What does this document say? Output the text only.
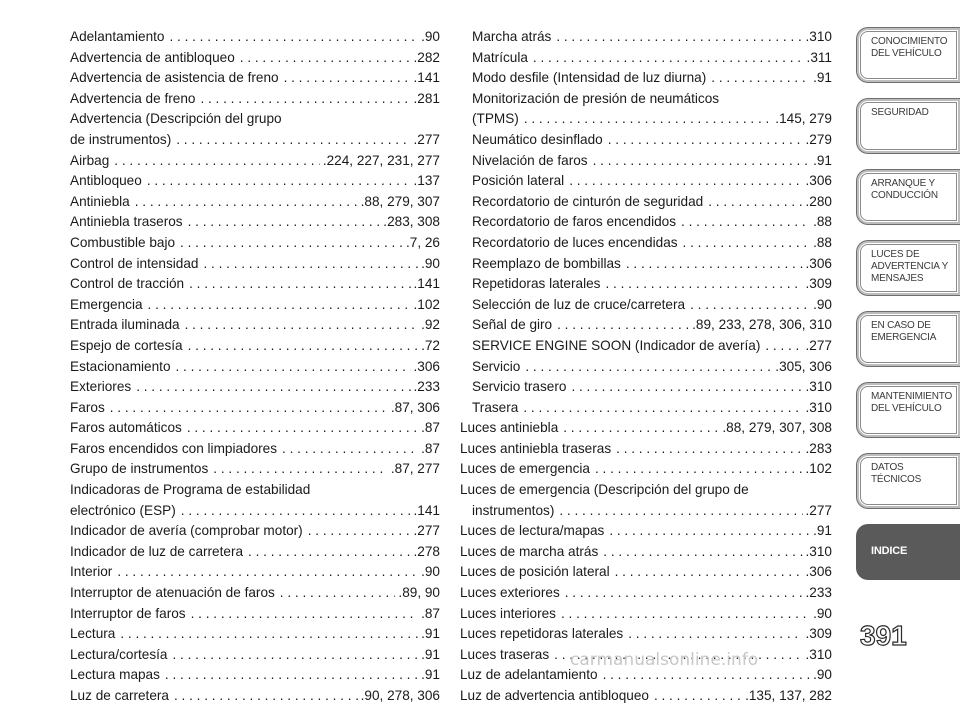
Adelantamiento . . .	.90
Advertencia de antibloqueo . . .	.282
Advertencia de asistencia de freno . . .	.141
Advertencia de freno . . .	.281
Advertencia (Descripción del grupo
de instrumentos) . . .	.277
Airbag . . .	.224, 227, 231, 277
Antibloqueo . . .	.137
Antiniebla . . .	.88, 279, 307
Antiniebla traseros . . .	.283, 308
Combustible bajo . . .	.7, 26
Control de intensidad . . .	.90
Control de tracción . . .	.141
Emergencia . . .	.102
Entrada iluminada . . .	.92
Espejo de cortesía . . .	.72
Estacionamiento . . .	.306
Exteriores . . .	.233
Faros . . .	.87, 306
Faros automáticos . . .	.87
Faros encendidos con limpiadores . . .	.87
Grupo de instrumentos . . .	.87, 277
Indicadoras de Programa de estabilidad
electrónico (ESP) . . .	.141
Indicador de avería (comprobar motor) . . .	.277
Indicador de luz de carretera . . .	.278
Interior . . .	.90
Interruptor de atenuación de faros . . .	.89, 90
Interruptor de faros . . .	.87
Lectura . . .	.91
Lectura/cortesía . . .	.91
Lectura mapas . . .	.91
Luz de carretera . . .	.90, 278, 306
Marcha atrás . . .	.310
Matrícula . . .	.311
Modo desfile (Intensidad de luz diurna) . . .	.91
Monitorización de presión de neumáticos
(TPMS) . . .	.145, 279
Neumático desinflado . . .	.279
Nivelación de faros . . .	.91
Posición lateral . . .	.306
Recordatorio de cinturón de seguridad . . .	.280
Recordatorio de faros encendidos . . .	.88
Recordatorio de luces encendidas . . .	.88
Reemplazo de bombillas . . .	.306
Repetidoras laterales . . .	.309
Selección de luz de cruce/carretera . . .	.90
Señal de giro . . .	.89, 233, 278, 306, 310
SERVICE ENGINE SOON (Indicador de avería) . . .	.277
Servicio . . .	.305, 306
Servicio trasero . . .	.310
Trasera . . .	.310
Luces antiniebla . . .	.88, 279, 307, 308
Luces antiniebla traseras . . .	.283
Luces de emergencia . . .	.102
Luces de emergencia (Descripción del grupo de
instrumentos) . . .	.277
Luces de lectura/mapas . . .	.91
Luces de marcha atrás . . .	.310
Luces de posición lateral . . .	.306
Luces exteriores . . .	.233
Luces interiores . . .	.90
Luces repetidoras laterales . . .	.309
Luces traseras . . .	.310
Luz de adelantamiento . . .	.90
Luz de advertencia antibloqueo . . .	.135, 137, 282
CONOCIMIENTO DEL VEHÍCULO
SEGURIDAD
ARRANQUE Y CONDUCCIÓN
LUCES DE ADVERTENCIA Y MENSAJES
EN CASO DE EMERGENCIA
MANTENIMIENTO DEL VEHÍCULO
DATOS TÉCNICOS
INDICE
391
carmanualsonline.info
